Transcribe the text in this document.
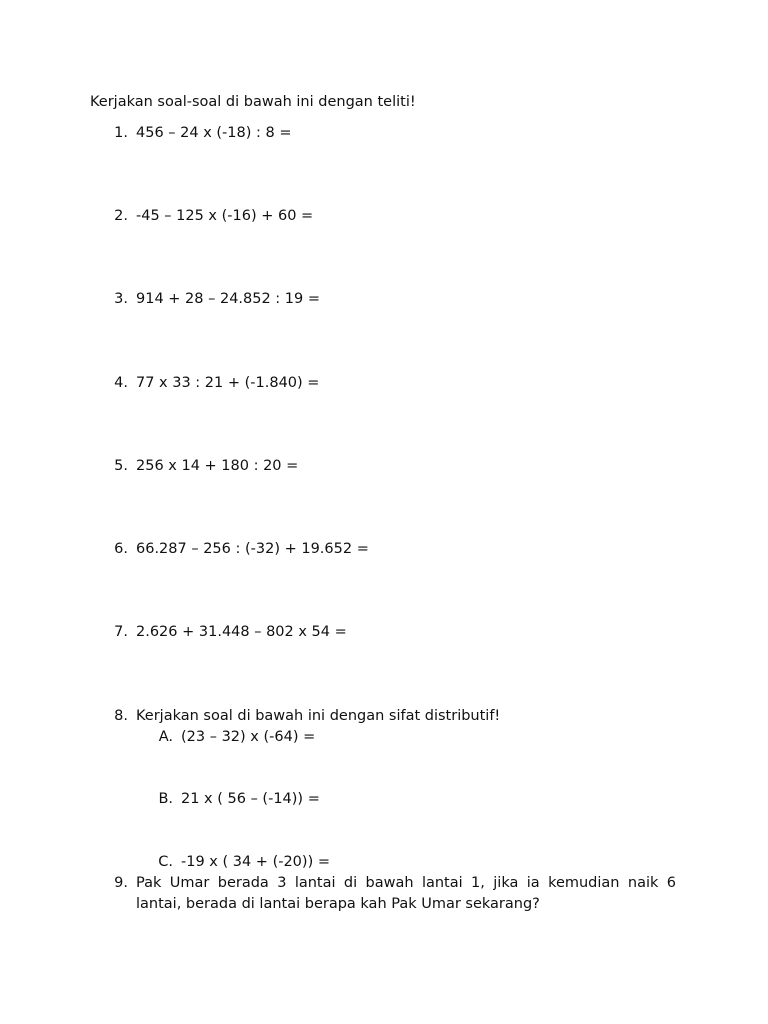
Kerjakan soal-soal di bawah ini dengan teliti!
1. 456 – 24 x (-18) : 8 =
2. -45 – 125 x (-16) + 60 =
3. 914 + 28 – 24.852 : 19 =
4. 77 x 33 : 21 + (-1.840) =
5. 256 x 14 + 180 : 20 =
6. 66.287 – 256 : (-32) + 19.652 =
7. 2.626 + 31.448 – 802 x 54 =
8. Kerjakan soal di bawah ini dengan sifat distributif!
A. (23 – 32) x (-64) =
B. 21 x ( 56 – (-14)) =
C. -19 x ( 34 + (-20)) =
9. Pak Umar berada 3 lantai di bawah lantai 1, jika ia kemudian naik 6 lantai, berada di lantai berapa kah Pak Umar sekarang?
